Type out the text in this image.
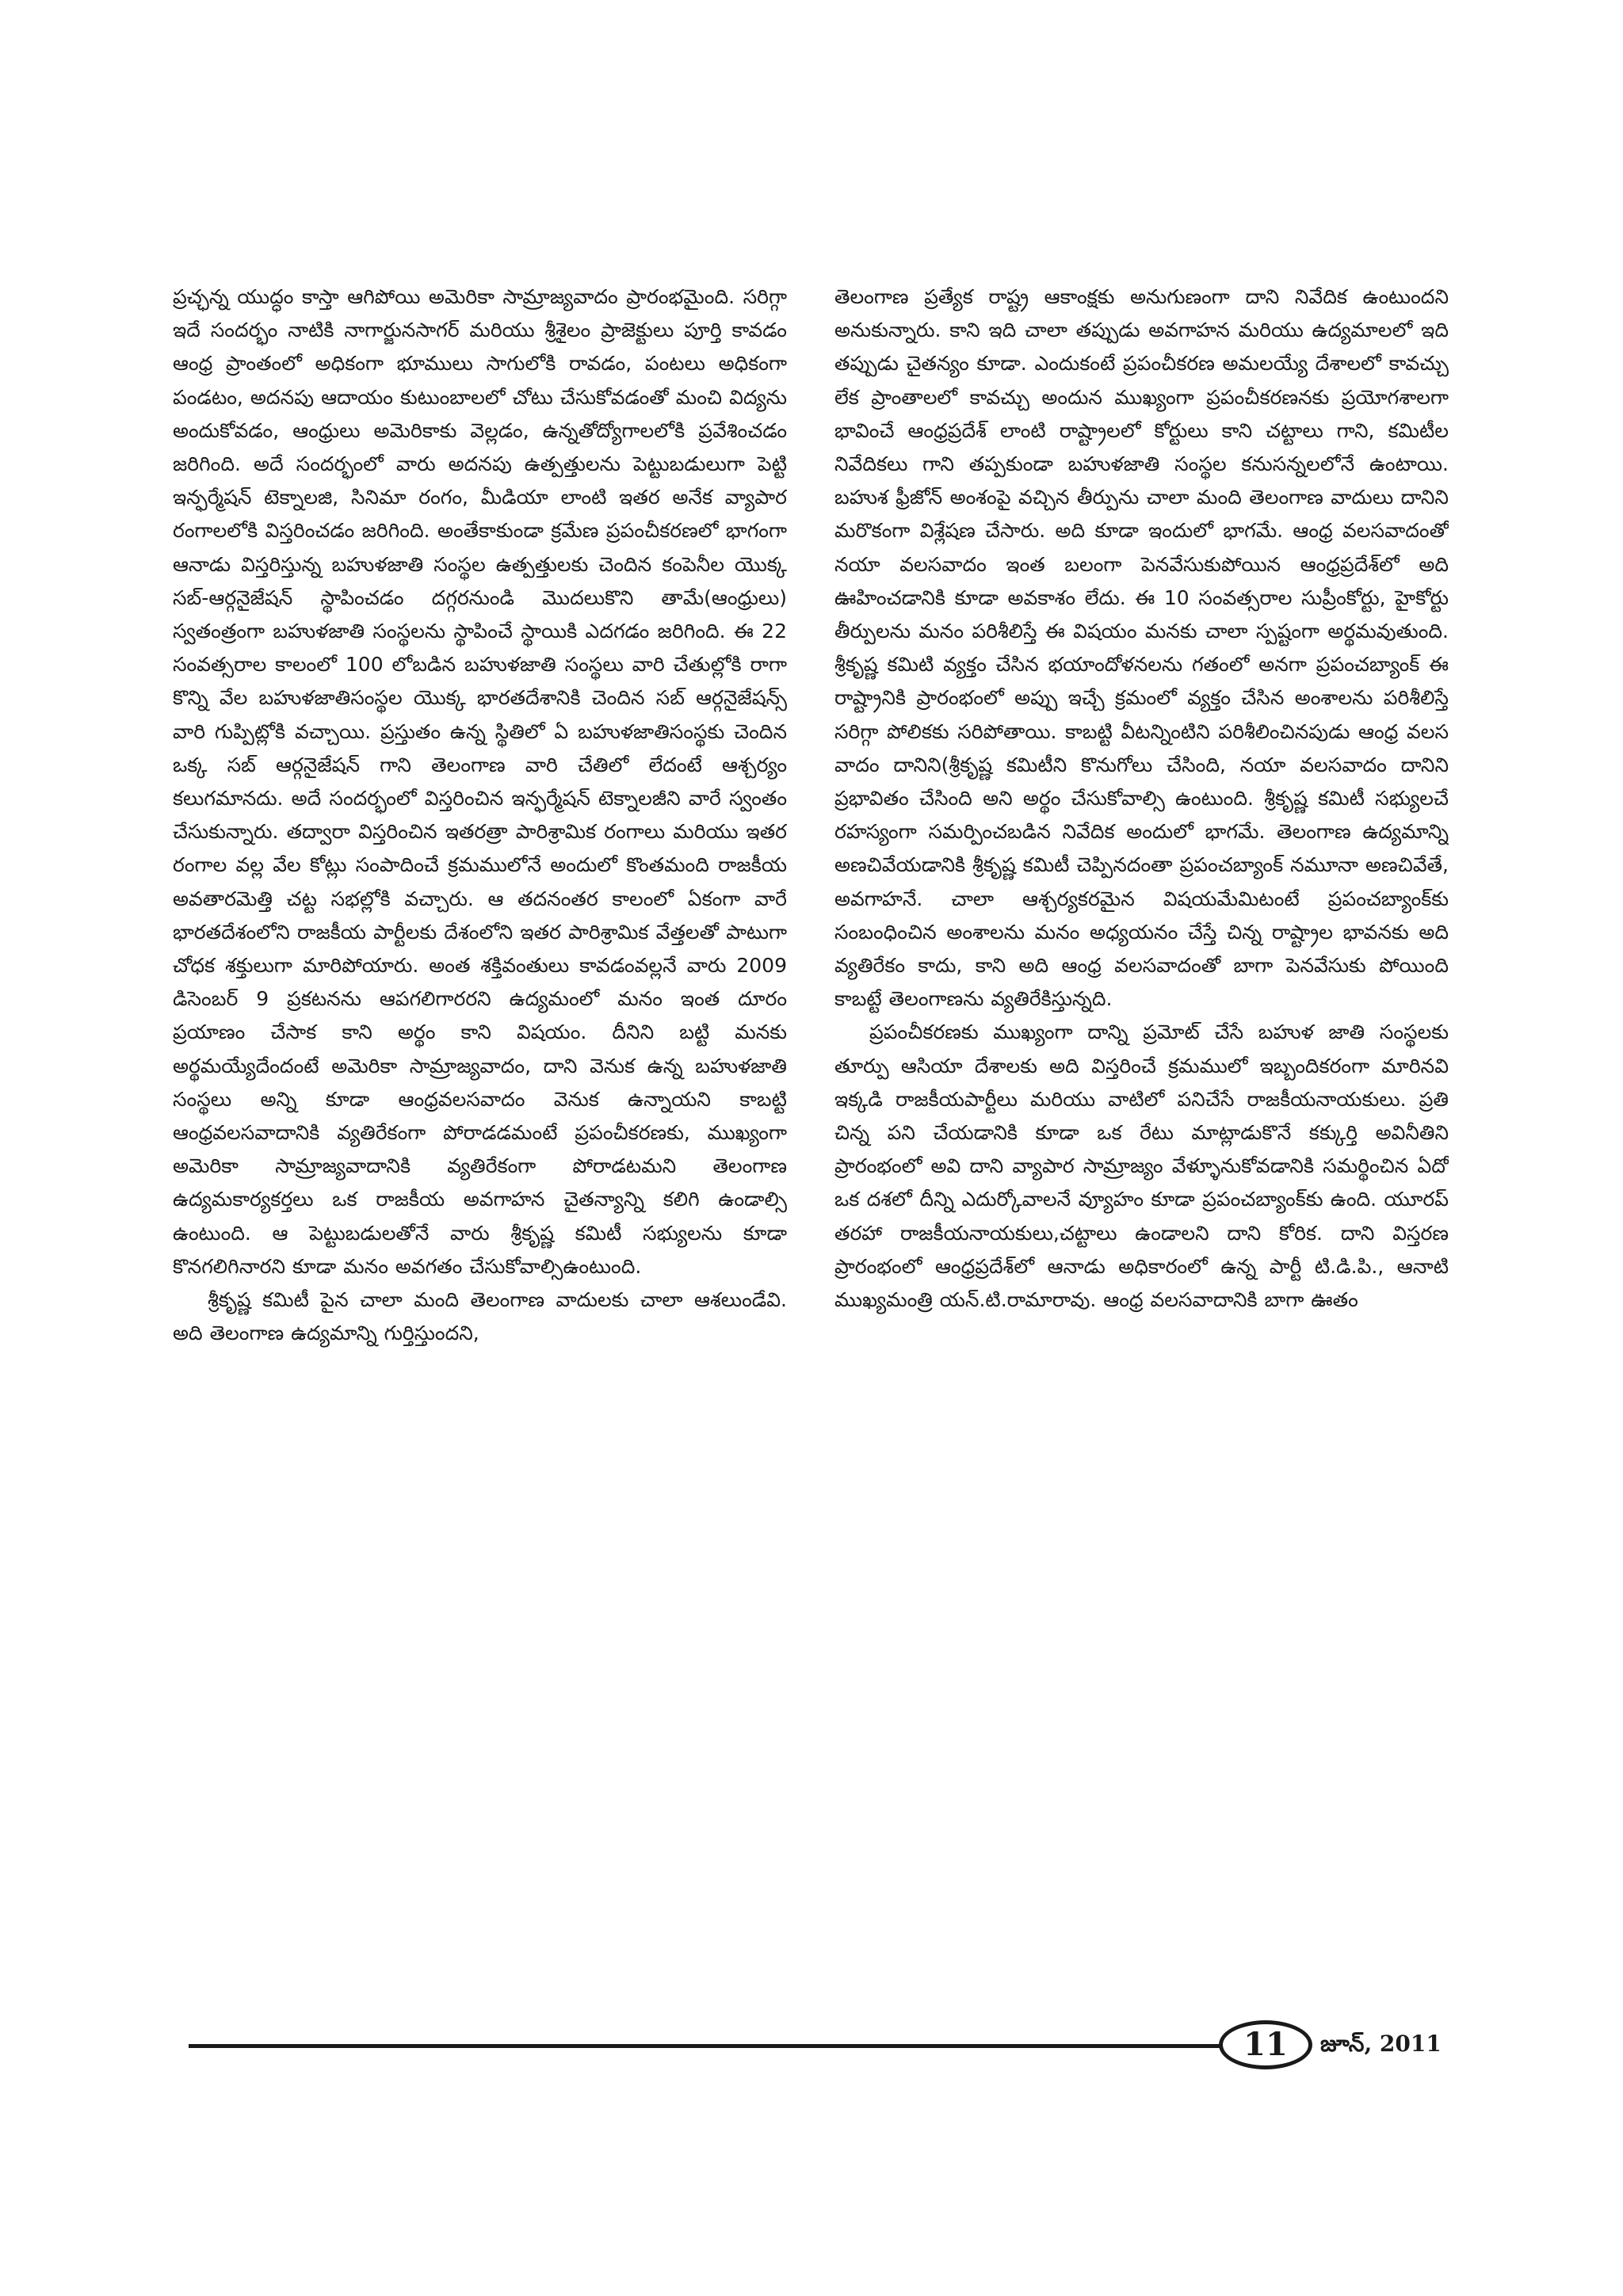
ప్రచ్ఛన్న యుద్ధం కాస్తా ఆగిపోయి అమెరికా సామ్రాజ్యవాదం ప్రారంభమైంది. సరిగ్గా ఇదే సందర్భం నాటికి నాగార్జునసాగర్ మరియు శ్రీశైలం ప్రాజెక్టులు పూర్తి కావడం ఆంధ్ర ప్రాంతంలో అధికంగా భూములు సాగులోకి రావడం, పంటలు అధికంగా పండటం, అదనపు ఆదాయం కుటుంబాలలో చోటు చేసుకోవడంతో మంచి విద్యను అందుకోవడం, ఆంధ్రులు అమెరికాకు వెల్లడం, ఉన్నతోద్యోగాలలోకి ప్రవేశించడం జరిగింది. అదే సందర్భంలో వారు అదనపు ఉత్పత్తులను పెట్టుబడులుగా పెట్టి ఇన్ఫర్మేషన్ టెక్నాలజి, సినిమా రంగం, మీడియా లాంటి ఇతర అనేక వ్యాపార రంగాలలోకి విస్తరించడం జరిగింది. అంతేకాకుండా క్రమేణ ప్రపంచీకరణలో భాగంగా ఆనాడు విస్తరిస్తున్న బహుళజాతి సంస్థల ఉత్పత్తులకు చెందిన కంపెనీల యొక్క సబ్-ఆర్గనైజేషన్ స్థాపించడం దగ్గరనుండి మొదలుకొని తామే(ఆంధ్రులు) స్వతంత్రంగా బహుళజాతి సంస్థలను స్థాపించే స్థాయికి ఎదగడం జరిగింది. ఈ 22 సంవత్సరాల కాలంలో 100 లోబడిన బహుళజాతి సంస్థలు వారి చేతుల్లోకి రాగా కొన్ని వేల బహుళజాతిసంస్థల యొక్క భారతదేశానికి చెందిన సబ్ ఆర్గనైజేషన్స్ వారి గుప్పిట్లోకి వచ్చాయి. ప్రస్తుతం ఉన్న స్థితిలో ఏ బహుళజాతిసంస్థకు చెందిన ఒక్క సబ్ ఆర్గనైజేషన్ గాని తెలంగాణ వారి చేతిలో లేదంటే ఆశ్చర్యం కలుగమానదు. అదే సందర్భంలో విస్తరించిన ఇన్ఫర్మేషన్ టెక్నాలజీని వారే స్వంతం చేసుకున్నారు. తద్వారా విస్తరించిన ఇతరత్రా పారిశ్రామిక రంగాలు మరియు ఇతర రంగాల వల్ల వేల కోట్లు సంపాదించే క్రమములోనే అందులో కొంతమంది రాజకీయ అవతారమెత్తి చట్ట సభల్లోకి వచ్చారు. ఆ తదనంతర కాలంలో ఏకంగా వారే భారతదేశంలోని రాజకీయ పార్టీలకు దేశంలోని ఇతర పారిశ్రామిక వేత్తలతో పాటుగా చోధక శక్తులుగా మారిపోయారు. అంత శక్తివంతులు కావడంవల్లనే వారు 2009 డిసెంబర్ 9 ప్రకటనను ఆపగలిగారరని ఉద్యమంలో మనం ఇంత దూరం ప్రయాణం చేసాక కాని అర్థం కాని విషయం. దీనిని బట్టి మనకు అర్థమయ్యేదేందంటే అమెరికా సామ్రాజ్యవాదం, దాని వెనుక ఉన్న బహుళజాతి సంస్థలు అన్ని కూడా ఆంధ్రవలసవాదం వెనుక ఉన్నాయని కాబట్టి ఆంధ్రవలసవాదానికి వ్యతిరేకంగా పోరాడడమంటే ప్రపంచీకరణకు, ముఖ్యంగా అమెరికా సామ్రాజ్యవాదానికి వ్యతిరేకంగా పోరాడటమని తెలంగాణ ఉద్యమకార్యకర్తలు ఒక రాజకీయ అవగాహన చైతన్యాన్ని కలిగి ఉండాల్సి ఉంటుంది. ఆ పెట్టుబడులతోనే వారు శ్రీకృష్ణ కమిటీ సభ్యులను కూడా కొనగలిగినారని కూడా మనం అవగతం చేసుకోవాల్సిఉంటుంది.

శ్రీకృష్ణ కమిటీ పైన చాలా మంది తెలంగాణ వాదులకు చాలా ఆశలుండేవి. అది తెలంగాణ ఉద్యమాన్ని గుర్తిస్తుందని,

తెలంగాణ ప్రత్యేక రాష్ట్ర ఆకాంక్షకు అనుగుణంగా దాని నివేదిక ఉంటుందని అనుకున్నారు. కాని ఇది చాలా తప్పుడు అవగాహన మరియు ఉద్యమాలలో ఇది తప్పుడు చైతన్యం కూడా. ఎందుకంటే ప్రపంచీకరణ అమలయ్యే దేశాలలో కావచ్చు లేక ప్రాంతాలలో కావచ్చు అందున ముఖ్యంగా ప్రపంచీకరణనకు ప్రయోగశాలగా భావించే ఆంధ్రప్రదేశ్ లాంటి రాష్ట్రాలలో కోర్టులు కాని చట్టాలు గాని, కమిటీల నివేదికలు గాని తప్పకుండా బహుళజాతి సంస్థల కనుసన్నలలోనే ఉంటాయి. బహుశ ఫ్రీజోన్ అంశంపై వచ్చిన తీర్పును చాలా మంది తెలంగాణ వాదులు దానిని మరొకంగా విశ్లేషణ చేసారు. అది కూడా ఇందులో భాగమే. ఆంధ్ర వలసవాదంతో నయా వలసవాదం ఇంత బలంగా పెనవేసుకుపోయిన ఆంధ్రప్రదేశ్‌లో అది ఊహించడానికి కూడా అవకాశం లేదు. ఈ 10 సంవత్సరాల సుప్రీంకోర్టు, హైకోర్టు తీర్పులను మనం పరిశీలిస్తే ఈ విషయం మనకు చాలా స్పష్టంగా అర్థమవుతుంది. శ్రీకృష్ణ కమిటి వ్యక్తం చేసిన భయాందోళనలను గతంలో అనగా ప్రపంచబ్యాంక్ ఈ రాష్ట్రానికి ప్రారంభంలో అప్పు ఇచ్చే క్రమంలో వ్యక్తం చేసిన అంశాలను పరిశీలిస్తే సరిగ్గా పోలికకు సరిపోతాయి. కాబట్టి వీటన్నింటిని పరిశీలించినపుడు ఆంధ్ర వలస వాదం దానిని(శ్రీకృష్ణ కమిటీని కొనుగోలు చేసింది, నయా వలసవాదం దానిని ప్రభావితం చేసింది అని అర్థం చేసుకోవాల్సి ఉంటుంది. శ్రీకృష్ణ కమిటీ సభ్యులచే రహస్యంగా సమర్పించబడిన నివేదిక అందులో భాగమే. తెలంగాణ ఉద్యమాన్ని అణచివేయడానికి శ్రీకృష్ణ కమిటీ చెప్పినదంతా ప్రపంచబ్యాంక్ నమూనా అణచివేతే, అవగాహనే. చాలా ఆశ్చర్యకరమైన విషయమేమిటంటే ప్రపంచబ్యాంక్‌కు సంబంధించిన అంశాలను మనం అధ్యయనం చేస్తే చిన్న రాష్ట్రాల భావనకు అది వ్యతిరేకం కాదు, కాని అది ఆంధ్ర వలసవాదంతో బాగా పెనవేసుకు పోయింది కాబట్టే తెలంగాణను వ్యతిరేకిస్తున్నది.

ప్రపంచీకరణకు ముఖ్యంగా దాన్ని ప్రమోట్ చేసే బహుళ జాతి సంస్థలకు తూర్పు ఆసియా దేశాలకు అది విస్తరించే క్రమములో ఇబ్బందికరంగా మారినవి ఇక్కడి రాజకీయపార్టీలు మరియు వాటిలో పనిచేసే రాజకీయనాయకులు. ప్రతి చిన్న పని చేయడానికి కూడా ఒక రేటు మాట్లాడుకొనే కక్కుర్తి అవినీతిని ప్రారంభంలో అవి దాని వ్యాపార సామ్రాజ్యం వేళ్ళూనుకోవడానికి సమర్థించిన ఏదో ఒక దశలో దీన్ని ఎదుర్కోవాలనే వ్యూహం కూడా ప్రపంచబ్యాంక్‌కు ఉంది. యూరప్ తరహా రాజకీయనాయకులు,చట్టాలు ఉండాలని దాని కోరిక. దాని విస్తరణ ప్రారంభంలో ఆంధ్రప్రదేశ్‌లో ఆనాడు అధికారంలో ఉన్న పార్టీ టి.డి.పి., ఆనాటి ముఖ్యమంత్రి యన్.టి.రామారావు. ఆంధ్ర వలసవాదానికి బాగా ఊతం

11 జూన్, 2011
